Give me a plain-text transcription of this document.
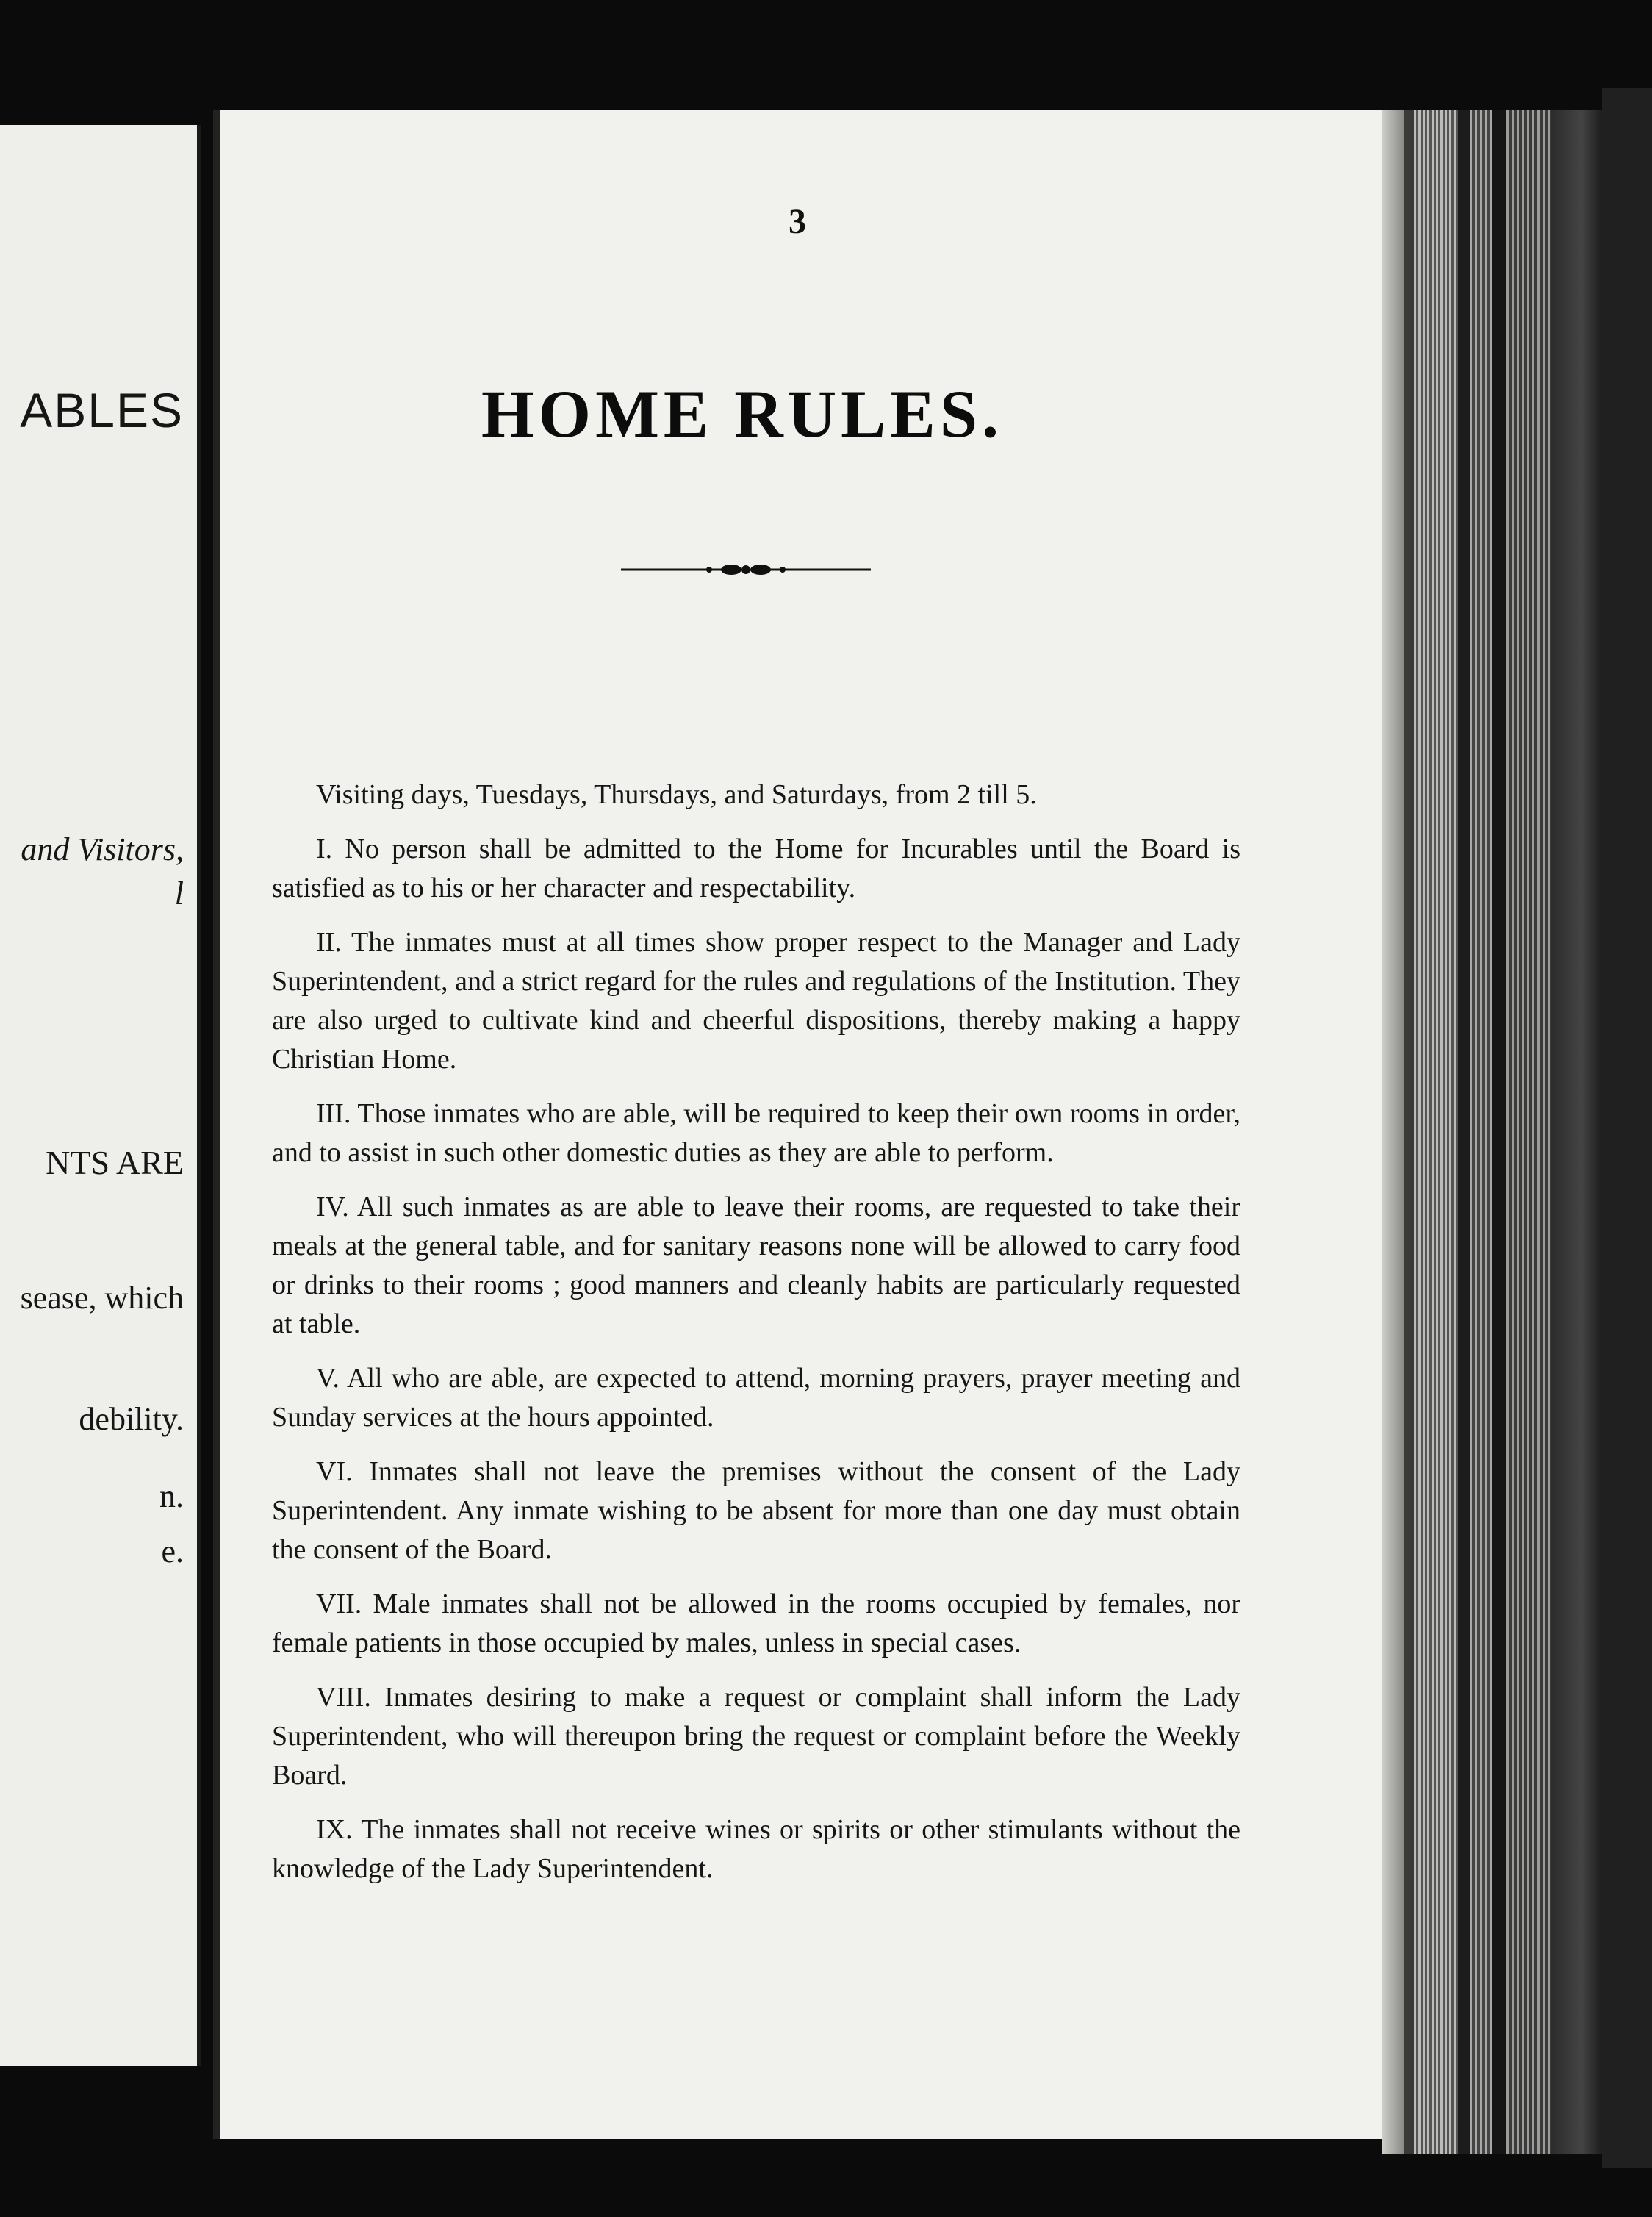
ABLES
and Visitors,
l
NTS ARE
sease, which
debility.
n.
e.
3
HOME RULES.

Visiting days, Tuesdays, Thursdays, and Saturdays, from 2 till 5.

I. No person shall be admitted to the Home for Incurables until the Board is satisfied as to his or her character and respectability.

II. The inmates must at all times show proper respect to the Manager and Lady Superintendent, and a strict regard for the rules and regulations of the Institution. They are also urged to cultivate kind and cheerful dispositions, thereby making a happy Christian Home.

III. Those inmates who are able, will be required to keep their own rooms in order, and to assist in such other domestic duties as they are able to perform.

IV. All such inmates as are able to leave their rooms, are requested to take their meals at the general table, and for sanitary reasons none will be allowed to carry food or drinks to their rooms ; good manners and cleanly habits are particularly requested at table.

V. All who are able, are expected to attend, morning prayers, prayer meeting and Sunday services at the hours appointed.

VI. Inmates shall not leave the premises without the consent of the Lady Superintendent. Any inmate wishing to be absent for more than one day must obtain the consent of the Board.

VII. Male inmates shall not be allowed in the rooms occupied by females, nor female patients in those occupied by males, unless in special cases.

VIII. Inmates desiring to make a request or complaint shall inform the Lady Superintendent, who will thereupon bring the request or complaint before the Weekly Board.

IX. The inmates shall not receive wines or spirits or other stimulants without the knowledge of the Lady Superintendent.
